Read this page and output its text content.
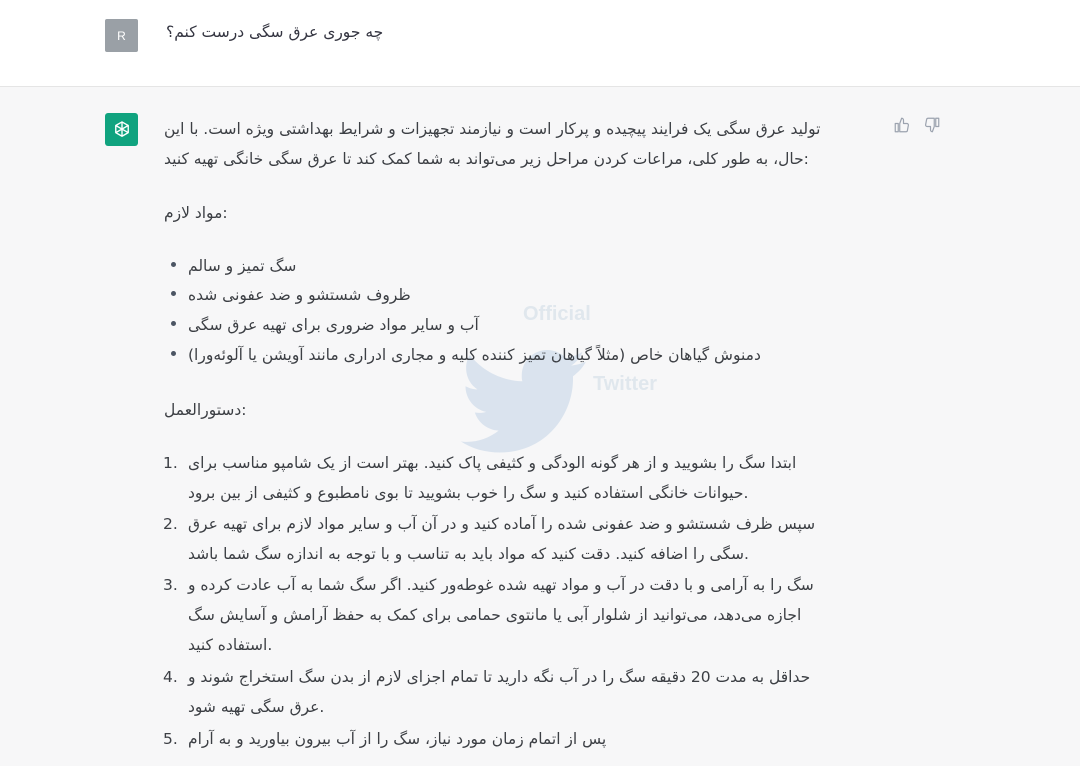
R	چه جوری عرق سگی درست کنم؟
Official
Twitter
تولید عرق سگی یک فرایند پیچیده و پرکار است و نیازمند تجهیزات و شرایط بهداشتی ویژه است. با این
حال، به طور کلی، مراعات کردن مراحل زیر می‌تواند به شما کمک کند تا عرق سگی خانگی تهیه کنید:
مواد لازم:
سگ تمیز و سالم
ظروف شستشو و ضد عفونی شده
آب و سایر مواد ضروری برای تهیه عرق سگی
دمنوش گیاهان خاص (مثلاً گیاهان تمیز کننده کلیه و مجاری ادراری مانند آویشن یا آلوئه‌ورا)
دستورالعمل:
1. ابتدا سگ را بشویید و از هر گونه الودگی و کثیفی پاک کنید. بهتر است از یک شامپو مناسب برای
حیوانات خانگی استفاده کنید و سگ را خوب بشویید تا بوی نامطبوع و کثیفی از بین برود.
2. سپس ظرف شستشو و ضد عفونی شده را آماده کنید و در آن آب و سایر مواد لازم برای تهیه عرق
سگی را اضافه کنید. دقت کنید که مواد باید به تناسب و با توجه به اندازه سگ شما باشد.
3. سگ را به آرامی و با دقت در آب و مواد تهیه شده غوطه‌ور کنید. اگر سگ شما به آب عادت کرده و
اجازه می‌دهد، می‌توانید از شلوار آبی یا مانتوی حمامی برای کمک به حفظ آرامش و آسایش سگ
استفاده کنید.
4. حداقل به مدت 20 دقیقه سگ را در آب نگه دارید تا تمام اجزای لازم از بدن سگ استخراج شوند و
عرق سگی تهیه شود.
5. پس از اتمام زمان مورد نیاز، سگ را از آب بیرون بیاورید و به آرام
